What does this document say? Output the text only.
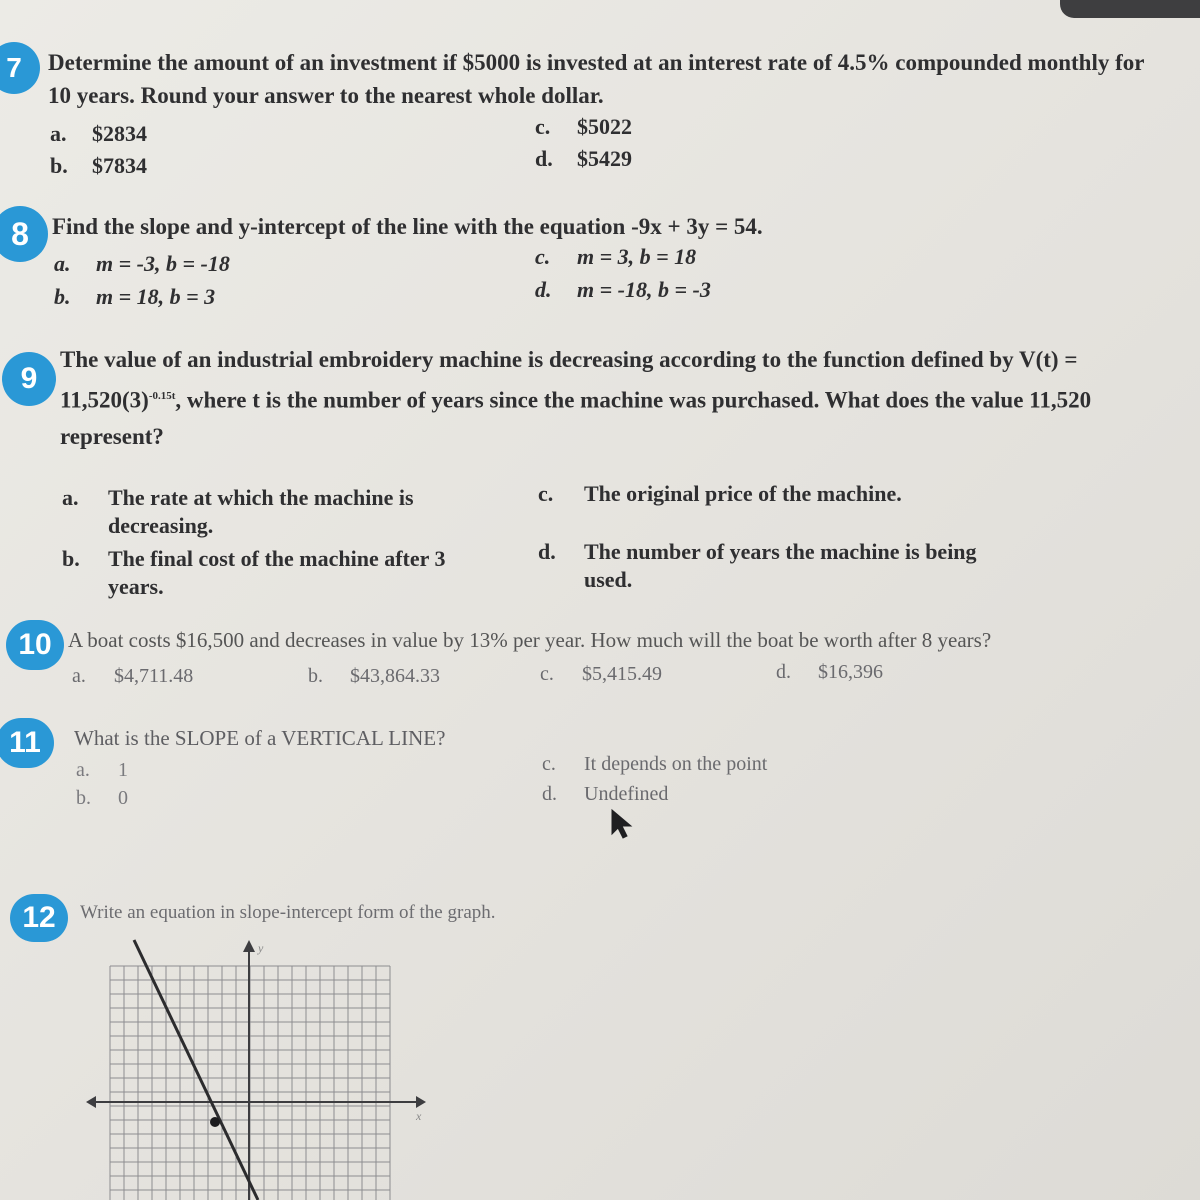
7	Determine the amount of an investment if $5000 is invested at an interest rate of 4.5% compounded monthly for 10 years. Round your answer to the nearest whole dollar.
a. $2834
b. $7834
c. $5022
d. $5429
8	Find the slope and y-intercept of the line with the equation -9x + 3y = 54.
a. m = -3, b = -18
b. m = 18, b = 3
c. m = 3, b = 18
d. m = -18, b = -3
9
The value of an industrial embroidery machine is decreasing according to the function defined by $V(t) = 11,520(3)^{-0.15t}$, where t is the number of years since the machine was purchased. What does the value 11,520 represent?
a.	The rate at which the machine is decreasing.
b.	The final cost of the machine after 3 years.
c.	The original price of the machine.
d.	The number of years the machine is being used.
10 A boat costs $16,500 and decreases in value by 13% per year. How much will the boat be worth after 8 years?
a. $4,711.48	b. $43,864.33	c. $5,415.49	d. $16,396
11	What is the SLOPE of a VERTICAL LINE?
a. 1
b. 0
c. It depends on the point
d. Undefined
12	Write an equation in slope-intercept form of the graph.
y
x
